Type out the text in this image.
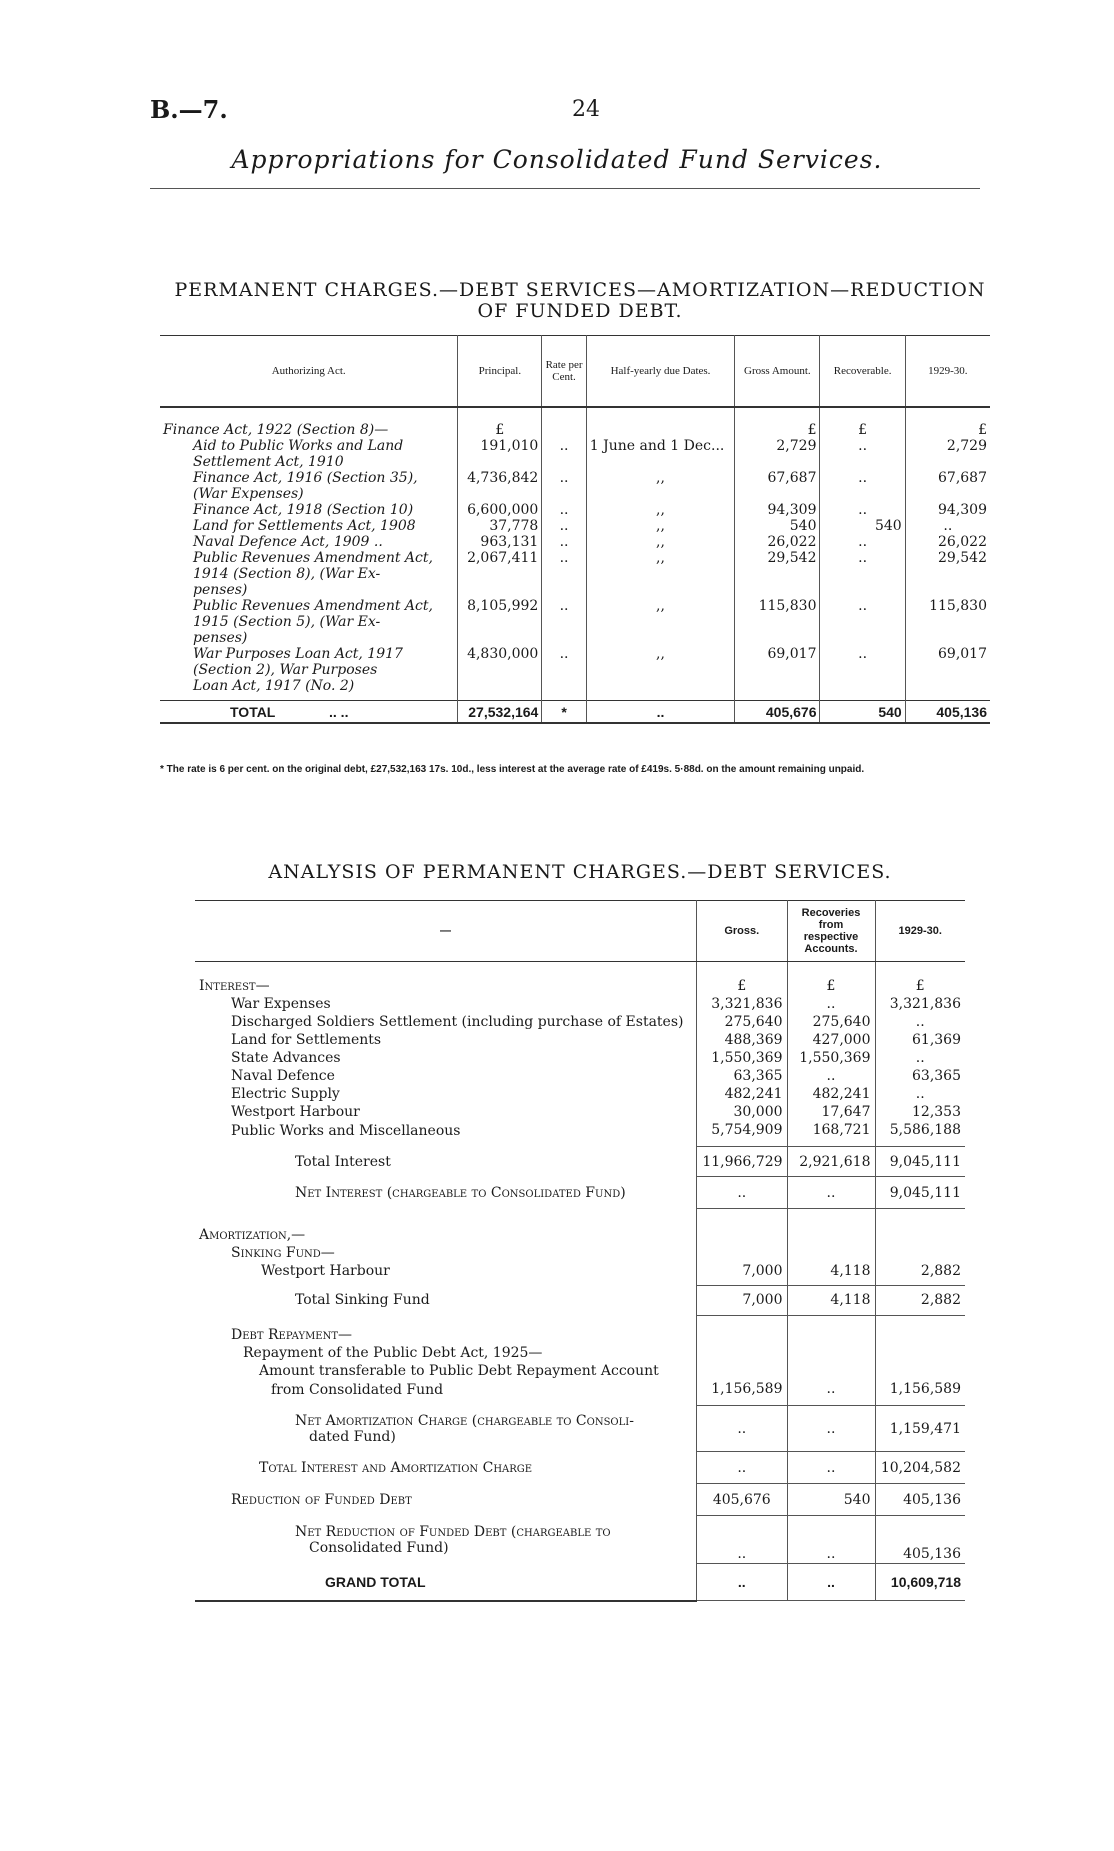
B.—7.	24
Appropriations for Consolidated Fund Services.
PERMANENT CHARGES.—DEBT SERVICES—AMORTIZATION—REDUCTION
OF FUNDED DEBT.
Authorizing Act.	Principal.	Rate per Cent.	Half-yearly due Dates.	Gross Amount.	Recoverable.	1929-30.
Finance Act, 1922 (Section 8)—	£			£	£	£

Aid to Public Works and Land
Settlement Act, 1910	191,010	..	1 June and 1 Dec...	2,729	..	2,729

Finance Act, 1916 (Section 35),
(War Expenses)	4,736,842	..	,,	67,687	..	67,687

Finance Act, 1918 (Section 10)	6,600,000	..	,,	94,309	..	94,309

Land for Settlements Act, 1908	37,778	..	,,	540	540	..

Naval Defence Act, 1909 ..	963,131	..	,,	26,022	..	26,022

Public Revenues Amendment Act,
1914 (Section 8), (War Ex-
penses)	2,067,411	..	,,	29,542	..	29,542

Public Revenues Amendment Act,
1915 (Section 5), (War Ex-
penses)	8,105,992	..	,,	115,830	..	115,830

War Purposes Loan Act, 1917
(Section 2), War Purposes
Loan Act, 1917 (No. 2)	4,830,000	..	,,	69,017	..	69,017
TOTAL .. ..	27,532,164	*	..	405,676	540	405,136
* The rate is 6 per cent. on the original debt, £27,532,163 17s. 10d., less interest at the average rate of £419s. 5·88d. on the amount remaining unpaid.
ANALYSIS OF PERMANENT CHARGES.—DEBT SERVICES.
—	Gross.	Recoveries from respective Accounts.	1929-30.
Interest—	£	£	£
War Expenses	3,321,836	..	3,321,836
Discharged Soldiers Settlement (including purchase of Estates)	275,640	275,640	..
Land for Settlements	488,369	427,000	61,369
State Advances	1,550,369	1,550,369	..
Naval Defence	63,365	..	63,365
Electric Supply	482,241	482,241	..
Westport Harbour	30,000	17,647	12,353
Public Works and Miscellaneous	5,754,909	168,721	5,586,188
Total Interest	11,966,729	2,921,618	9,045,111
Net Interest (chargeable to Consolidated Fund)	..	..	9,045,111
Amortization,—			
Sinking Fund—			
Westport Harbour	7,000	4,118	2,882
Total Sinking Fund	7,000	4,118	2,882
Debt Repayment—			
Repayment of the Public Debt Act, 1925—			
Amount transferable to Public Debt Repayment Account			
from Consolidated Fund	1,156,589	..	1,156,589

Net Amortization Charge (chargeable to Consoli-
dated Fund)	..	..	1,159,471
Total Interest and Amortization Charge	..	..	10,204,582
Reduction of Funded Debt	405,676	540	405,136

Net Reduction of Funded Debt (chargeable to
Consolidated Fund)	..	..	405,136
GRAND TOTAL	..	..	10,609,718
